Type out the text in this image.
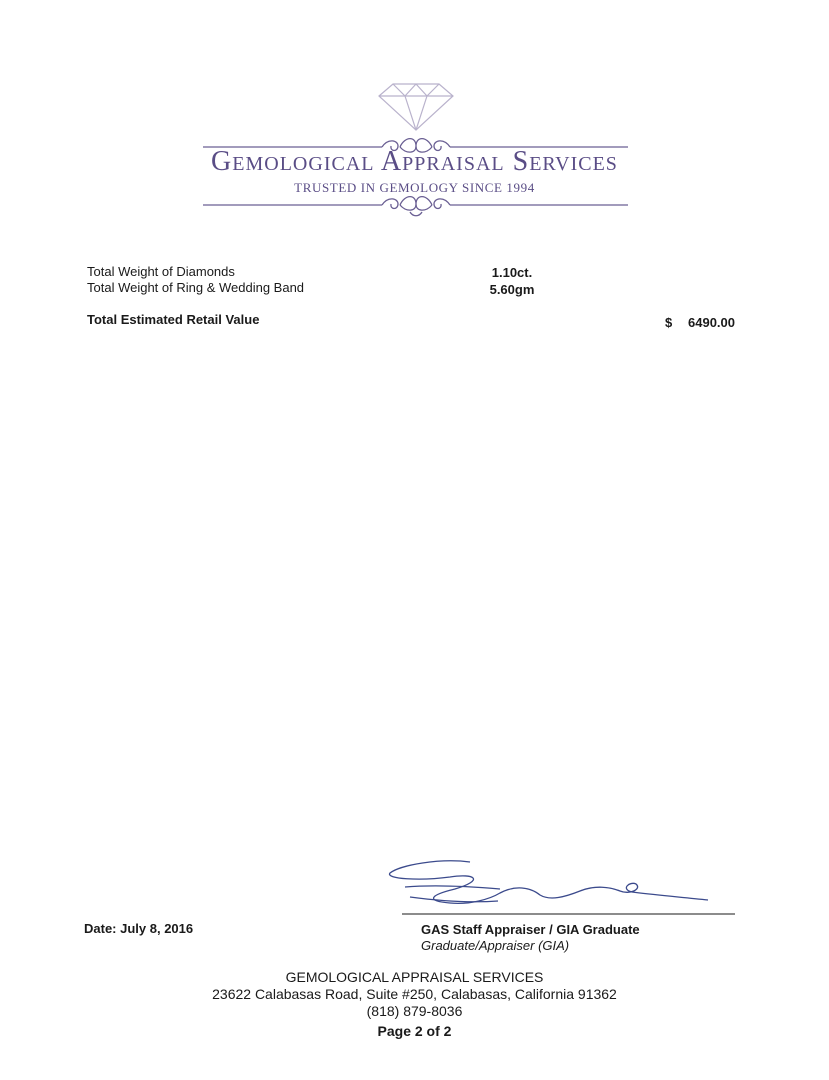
Gemological Appraisal Services
TRUSTED IN GEMOLOGY SINCE 1994
Total Weight of Diamonds	1.10ct.
Total Weight of Ring & Wedding Band	5.60gm
Total Estimated Retail Value	$ 6490.00
Date: July 8, 2016	GAS Staff Appraiser / GIA Graduate
Graduate/Appraiser (GIA)
GEMOLOGICAL APPRAISAL SERVICES
23622 Calabasas Road, Suite #250, Calabasas, California 91362
(818) 879-8036
Page 2 of 2
